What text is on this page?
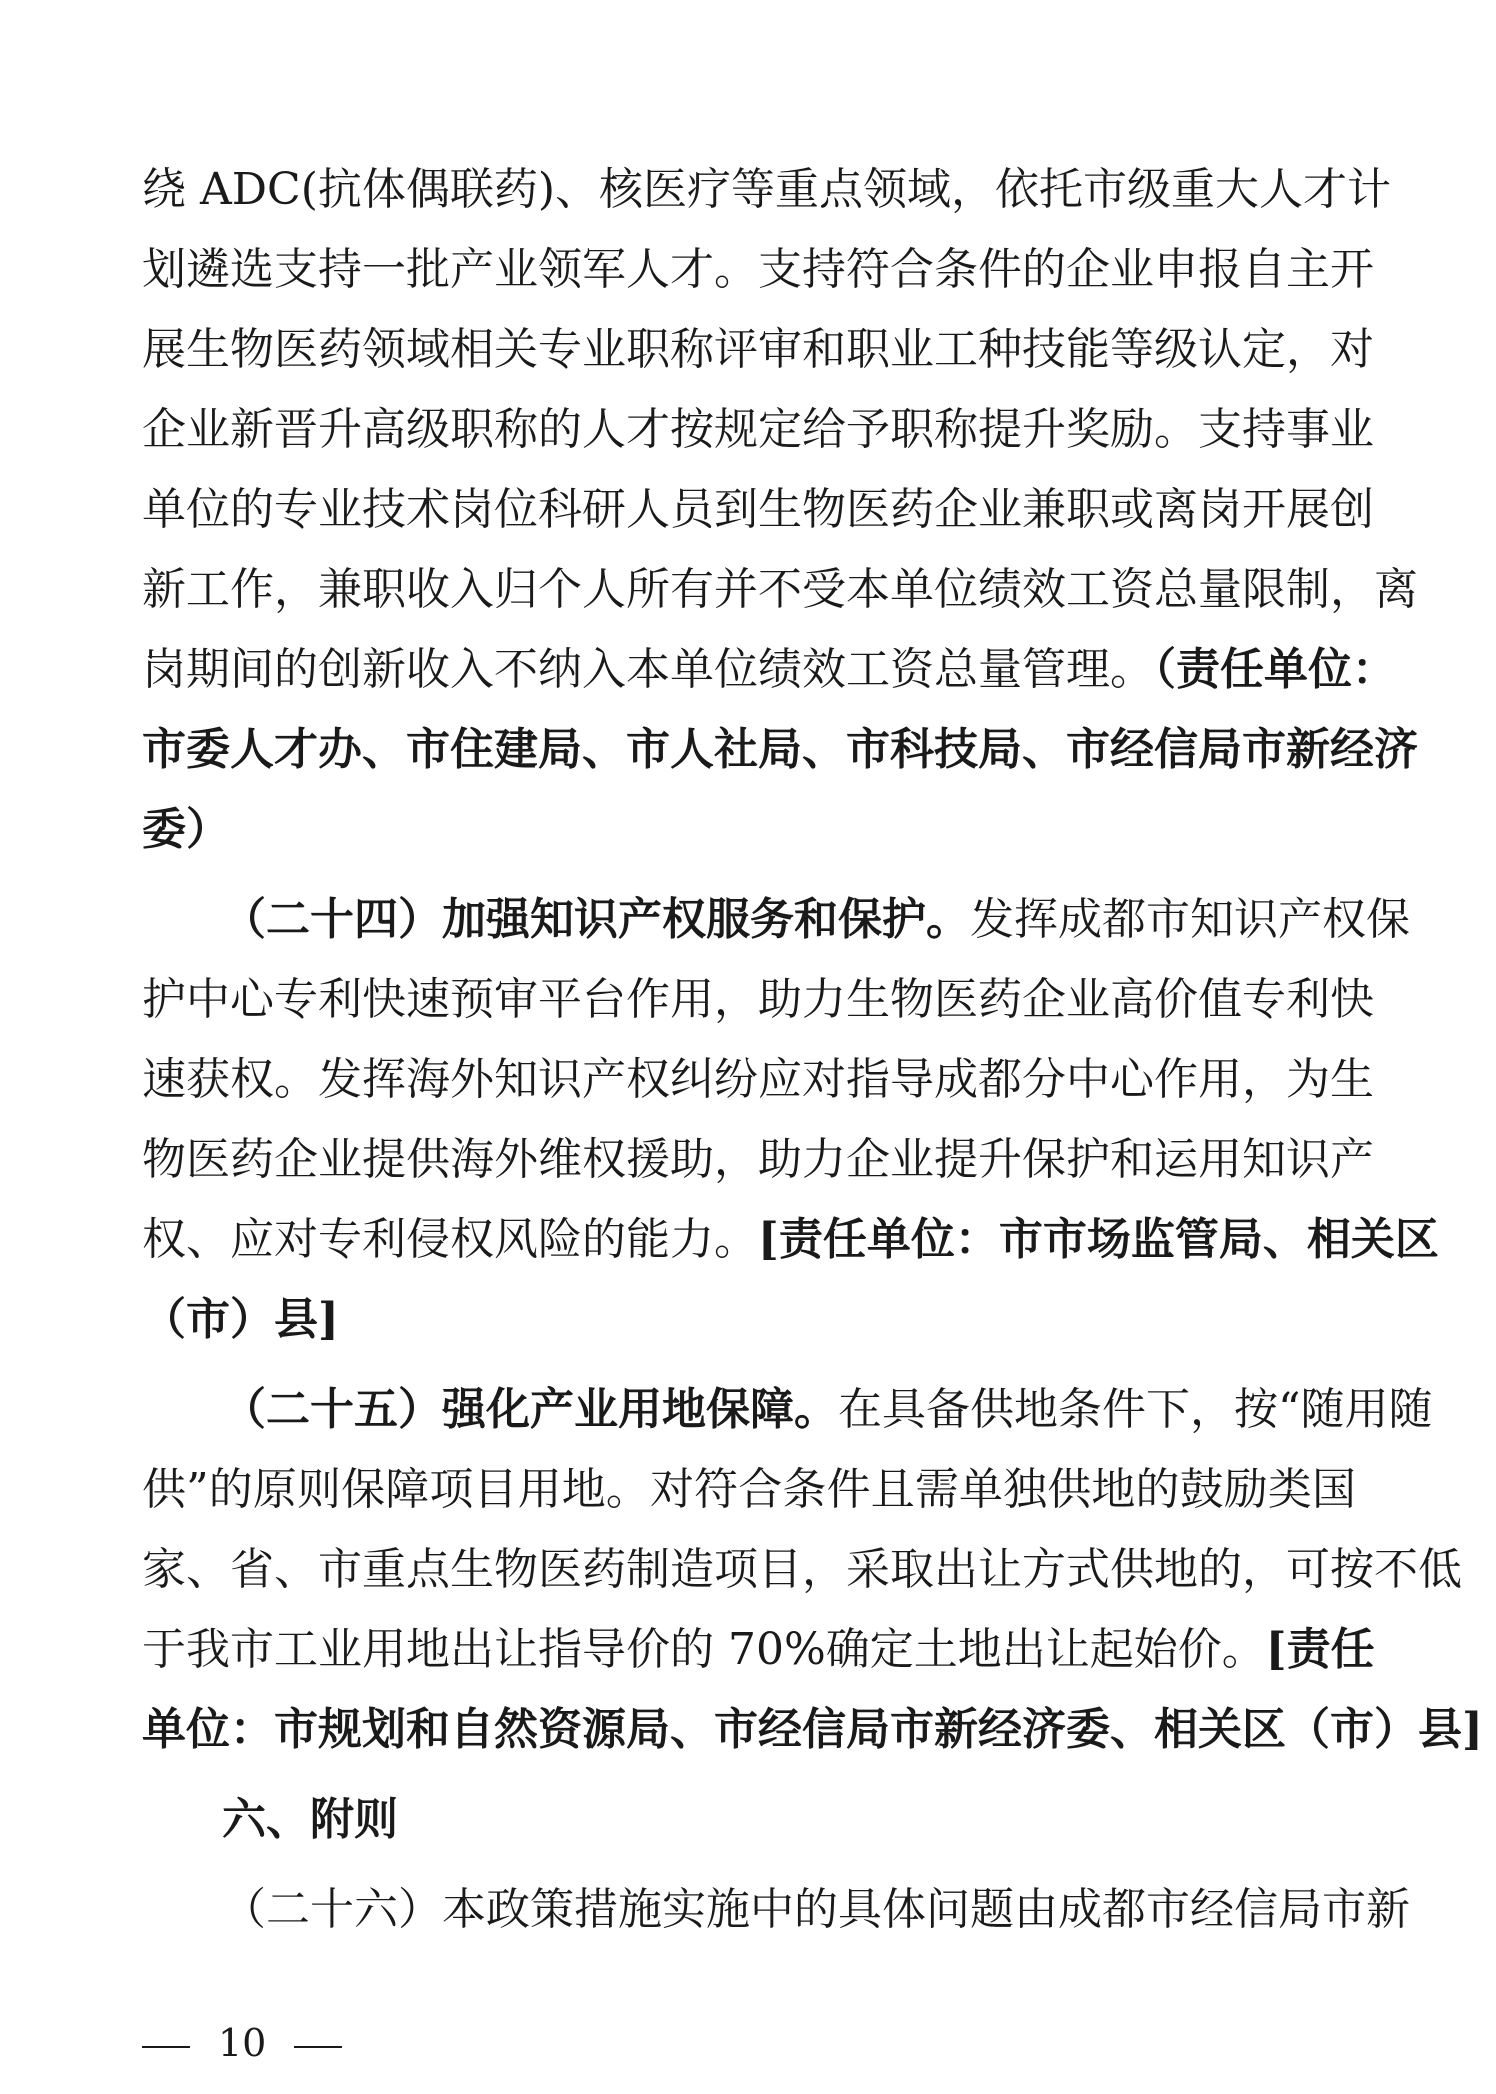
绕 ADC(抗体偶联药)、核医疗等重点领域，依托市级重大人才计
划遴选支持一批产业领军人才。支持符合条件的企业申报自主开
展生物医药领域相关专业职称评审和职业工种技能等级认定，对
企业新晋升高级职称的人才按规定给予职称提升奖励。支持事业
单位的专业技术岗位科研人员到生物医药企业兼职或离岗开展创
新工作，兼职收入归个人所有并不受本单位绩效工资总量限制，离
岗期间的创新收入不纳入本单位绩效工资总量管理。（责任单位：
市委人才办、市住建局、市人社局、市科技局、市经信局市新经济
委）
（二十四）加强知识产权服务和保护。发挥成都市知识产权保
护中心专利快速预审平台作用，助力生物医药企业高价值专利快
速获权。发挥海外知识产权纠纷应对指导成都分中心作用，为生
物医药企业提供海外维权援助，助力企业提升保护和运用知识产
权、应对专利侵权风险的能力。[责任单位：市市场监管局、相关区
（市）县]
（二十五）强化产业用地保障。在具备供地条件下，按“随用随
供”的原则保障项目用地。对符合条件且需单独供地的鼓励类国
家、省、市重点生物医药制造项目，采取出让方式供地的，可按不低
于我市工业用地出让指导价的 70%确定土地出让起始价。[责任
单位：市规划和自然资源局、市经信局市新经济委、相关区（市）县]
六、附则
（二十六）本政策措施实施中的具体问题由成都市经信局市新
10
